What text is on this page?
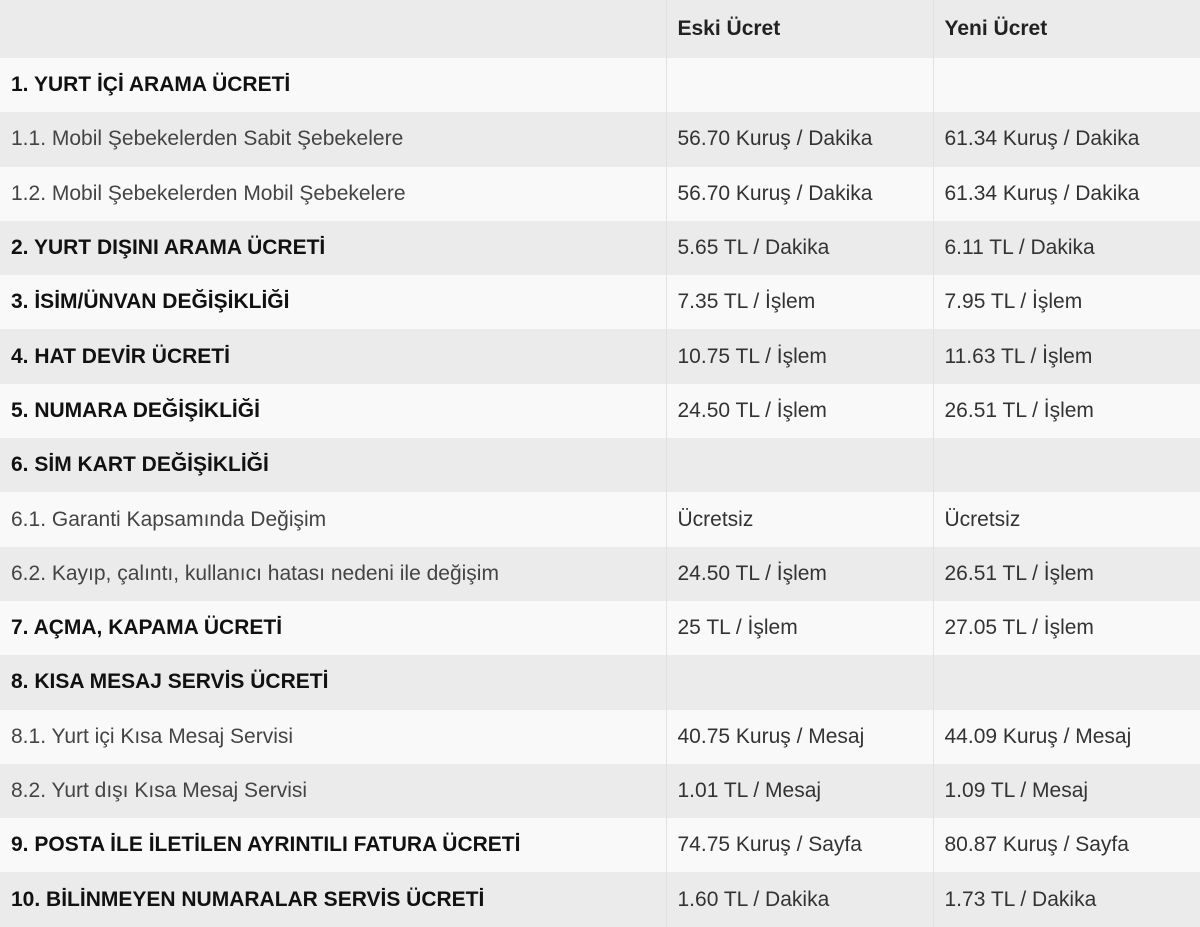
	Eski Ücret	Yeni Ücret
1. YURT İÇİ ARAMA ÜCRETİ		
1.1. Mobil Şebekelerden Sabit Şebekelere	56.70 Kuruş / Dakika	61.34 Kuruş / Dakika
1.2. Mobil Şebekelerden Mobil Şebekelere	56.70 Kuruş / Dakika	61.34 Kuruş / Dakika
2. YURT DIŞINI ARAMA ÜCRETİ	5.65 TL / Dakika	6.11 TL / Dakika
3. İSİM/ÜNVAN DEĞİŞİKLİĞİ	7.35 TL / İşlem	7.95 TL / İşlem
4. HAT DEVİR ÜCRETİ	10.75 TL / İşlem	11.63 TL / İşlem
5. NUMARA DEĞİŞİKLİĞİ	24.50 TL / İşlem	26.51 TL / İşlem
6. SİM KART DEĞİŞİKLİĞİ		
6.1. Garanti Kapsamında Değişim	Ücretsiz	Ücretsiz
6.2. Kayıp, çalıntı, kullanıcı hatası nedeni ile değişim	24.50 TL / İşlem	26.51 TL / İşlem
7. AÇMA, KAPAMA ÜCRETİ	25 TL / İşlem	27.05 TL / İşlem
8. KISA MESAJ SERVİS ÜCRETİ		
8.1. Yurt içi Kısa Mesaj Servisi	40.75 Kuruş / Mesaj	44.09 Kuruş / Mesaj
8.2. Yurt dışı Kısa Mesaj Servisi	1.01 TL / Mesaj	1.09 TL / Mesaj
9. POSTA İLE İLETİLEN AYRINTILI FATURA ÜCRETİ	74.75 Kuruş / Sayfa	80.87 Kuruş / Sayfa
10. BİLİNMEYEN NUMARALAR SERVİS ÜCRETİ	1.60 TL / Dakika	1.73 TL / Dakika
